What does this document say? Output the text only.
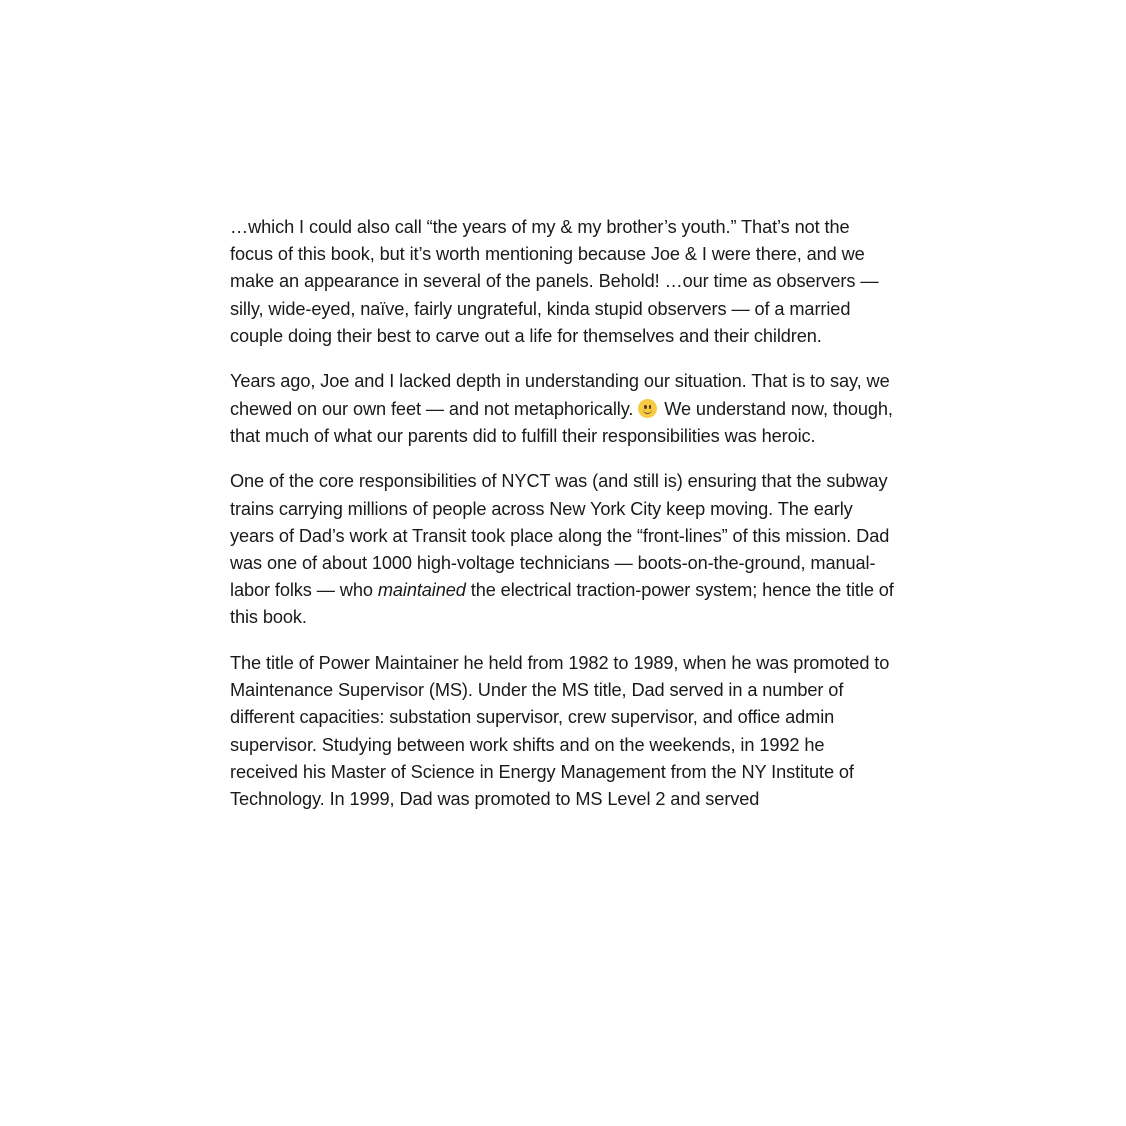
…which I could also call “the years of my & my brother’s youth.” That’s not the focus of this book, but it’s worth mentioning because Joe & I were there, and we make an appearance in several of the panels. Behold! …our time as observers — silly, wide-eyed, naïve, fairly ungrateful, kinda stupid observers — of a married couple doing their best to carve out a life for themselves and their children.

Years ago, Joe and I lacked depth in understanding our situation. That is to say, we chewed on our own feet — and not metaphorically.
We understand now, though, that much of what our parents did to fulfill their responsibilities was heroic.

One of the core responsibilities of NYCT was (and still is) ensuring that the subway trains carrying millions of people across New York City keep moving. The early years of Dad’s work at Transit took place along the “front-lines” of this mission. Dad was one of about 1000 high-voltage technicians — boots-on-the-ground, manual-labor folks — who maintained the electrical traction-power system; hence the title of this book.

The title of Power Maintainer he held from 1982 to 1989, when he was promoted to Maintenance Supervisor (MS). Under the MS title, Dad served in a number of different capacities: substation supervisor, crew supervisor, and office admin supervisor. Studying between work shifts and on the weekends, in 1992 he received his Master of Science in Energy Management from the NY Institute of Technology. In 1999, Dad was promoted to MS Level 2 and served
